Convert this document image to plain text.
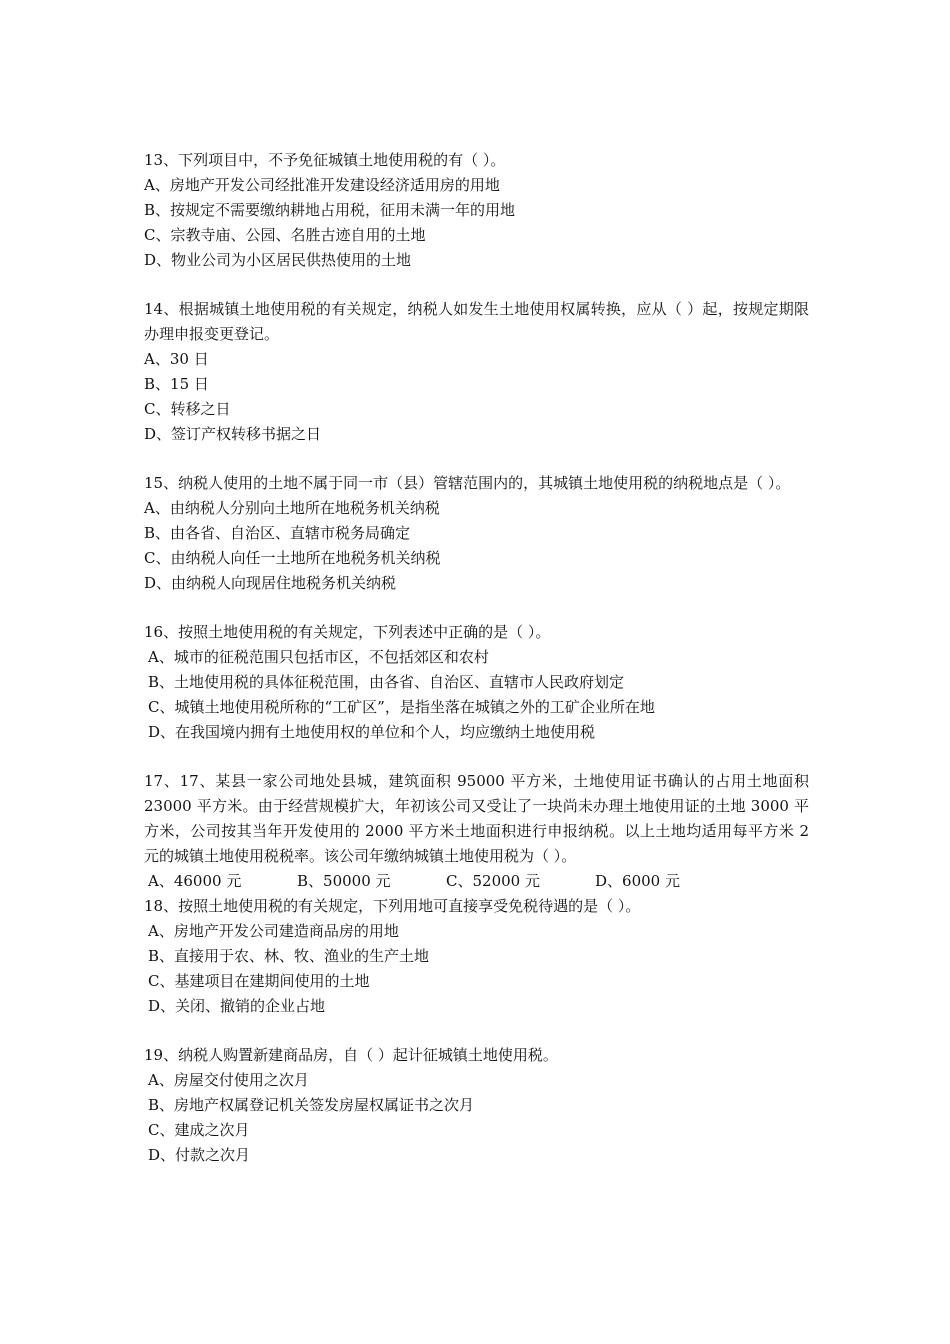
13、下列项目中，不予免征城镇土地使用税的有（ ）。
A、房地产开发公司经批准开发建设经济适用房的用地
B、按规定不需要缴纳耕地占用税，征用未满一年的用地
C、宗教寺庙、公园、名胜古迹自用的土地
D、物业公司为小区居民供热使用的土地
14、根据城镇土地使用税的有关规定，纳税人如发生土地使用权属转换，应从（ ）起，按规定期限办理申报变更登记。
A、30 日
B、15 日
C、转移之日
D、签订产权转移书据之日
15、纳税人使用的土地不属于同一市（县）管辖范围内的，其城镇土地使用税的纳税地点是（ ）。
A、由纳税人分别向土地所在地税务机关纳税
B、由各省、自治区、直辖市税务局确定
C、由纳税人向任一土地所在地税务机关纳税
D、由纳税人向现居住地税务机关纳税
16、按照土地使用税的有关规定，下列表述中正确的是（ ）。
A、城市的征税范围只包括市区，不包括郊区和农村
B、土地使用税的具体征税范围，由各省、自治区、直辖市人民政府划定
C、城镇土地使用税所称的“工矿区”，是指坐落在城镇之外的工矿企业所在地
D、在我国境内拥有土地使用权的单位和个人，均应缴纳土地使用税
17、17、某县一家公司地处县城，建筑面积 95000 平方米，土地使用证书确认的占用土地面积 23000 平方米。由于经营规模扩大，年初该公司又受让了一块尚未办理土地使用证的土地 3000 平方米，公司按其当年开发使用的 2000 平方米土地面积进行申报纳税。以上土地均适用每平方米 2 元的城镇土地使用税税率。该公司年缴纳城镇土地使用税为（ ）。
A、46000 元	B、50000 元	C、52000 元	D、6000 元
18、按照土地使用税的有关规定，下列用地可直接享受免税待遇的是（ ）。
A、房地产开发公司建造商品房的用地
B、直接用于农、林、牧、渔业的生产土地
C、基建项目在建期间使用的土地
D、关闭、撤销的企业占地
19、纳税人购置新建商品房，自（ ）起计征城镇土地使用税。
A、房屋交付使用之次月
B、房地产权属登记机关签发房屋权属证书之次月
C、建成之次月
D、付款之次月
